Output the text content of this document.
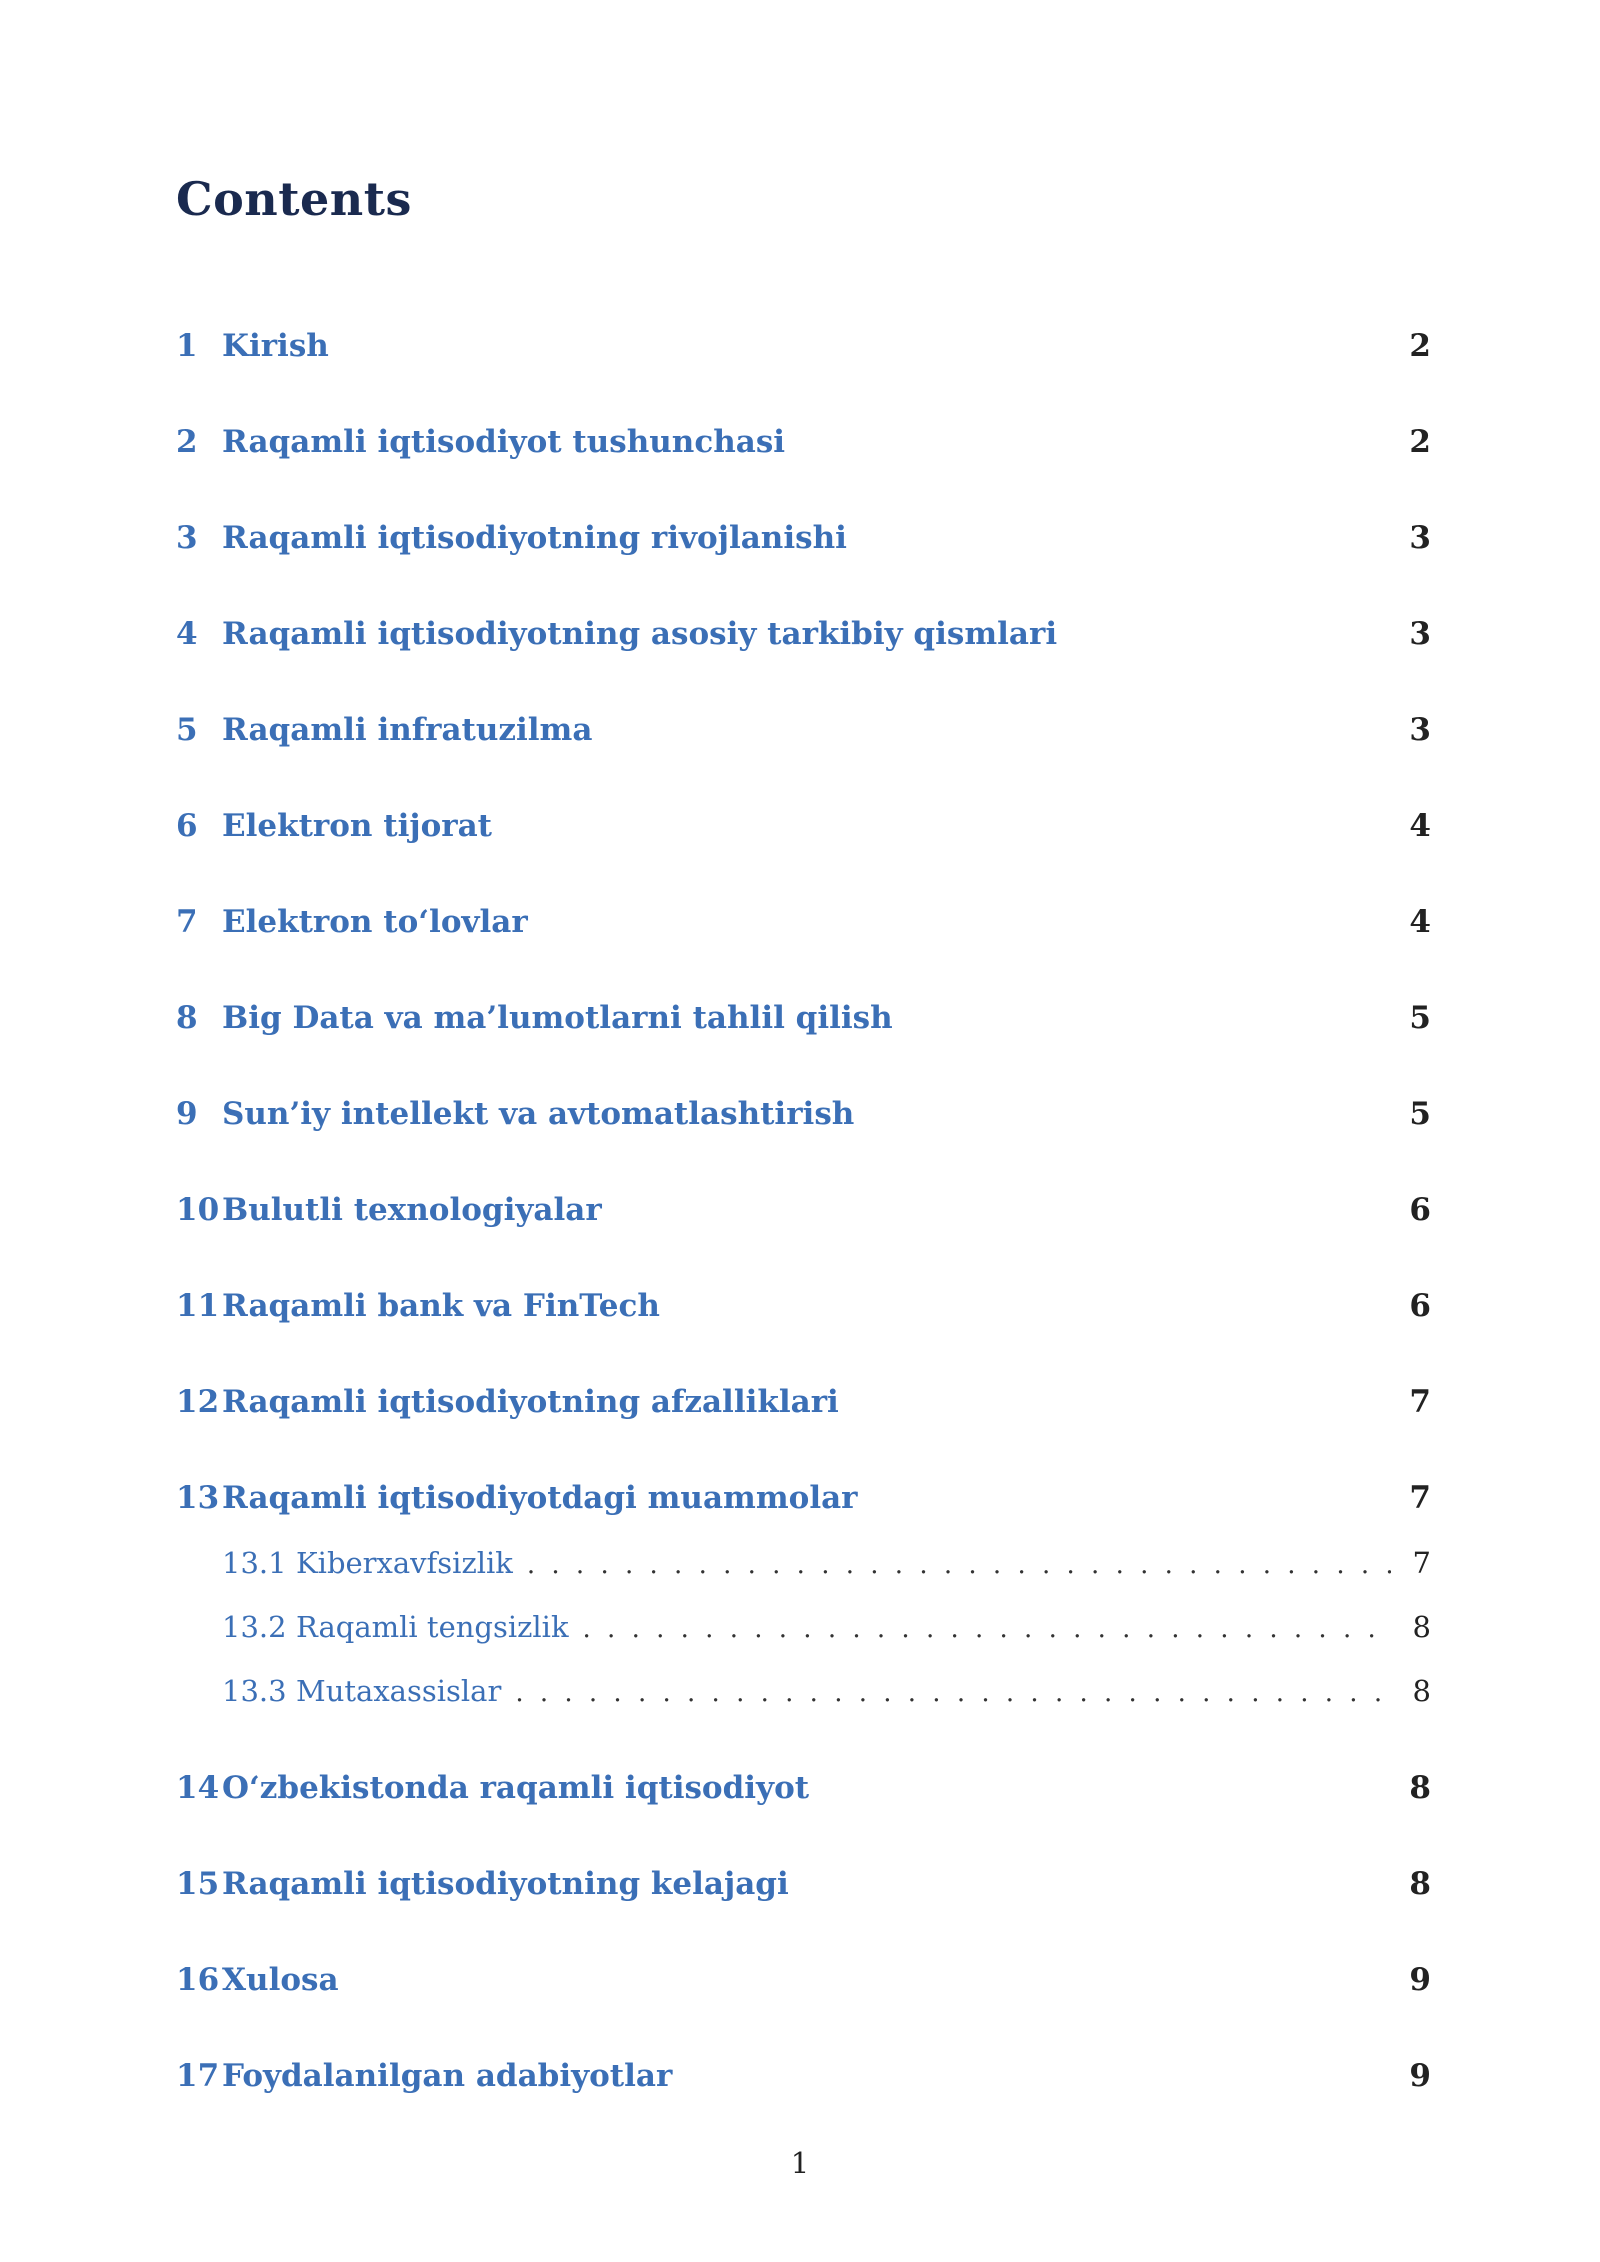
Contents
1 Kirish	2
2 Raqamli iqtisodiyot tushunchasi	2
3 Raqamli iqtisodiyotning rivojlanishi	3
4 Raqamli iqtisodiyotning asosiy tarkibiy qismlari	3
5 Raqamli infratuzilma	3
6 Elektron tijorat	4
7 Elektron to‘lovlar	4
8 Big Data va ma’lumotlarni tahlil qilish	5
9 Sun’iy intellekt va avtomatlashtirish	5
10 Bulutli texnologiyalar	6
11 Raqamli bank va FinTech	6
12 Raqamli iqtisodiyotning afzalliklari	7
13 Raqamli iqtisodiyotdagi muammolar	7
13.1 Kiberxavfsizlik . . .	7
13.2 Raqamli tengsizlik . . .	8
13.3 Mutaxassislar . . .	8
14 O‘zbekistonda raqamli iqtisodiyot	8
15 Raqamli iqtisodiyotning kelajagi	8
16 Xulosa	9
17 Foydalanilgan adabiyotlar	9
1
